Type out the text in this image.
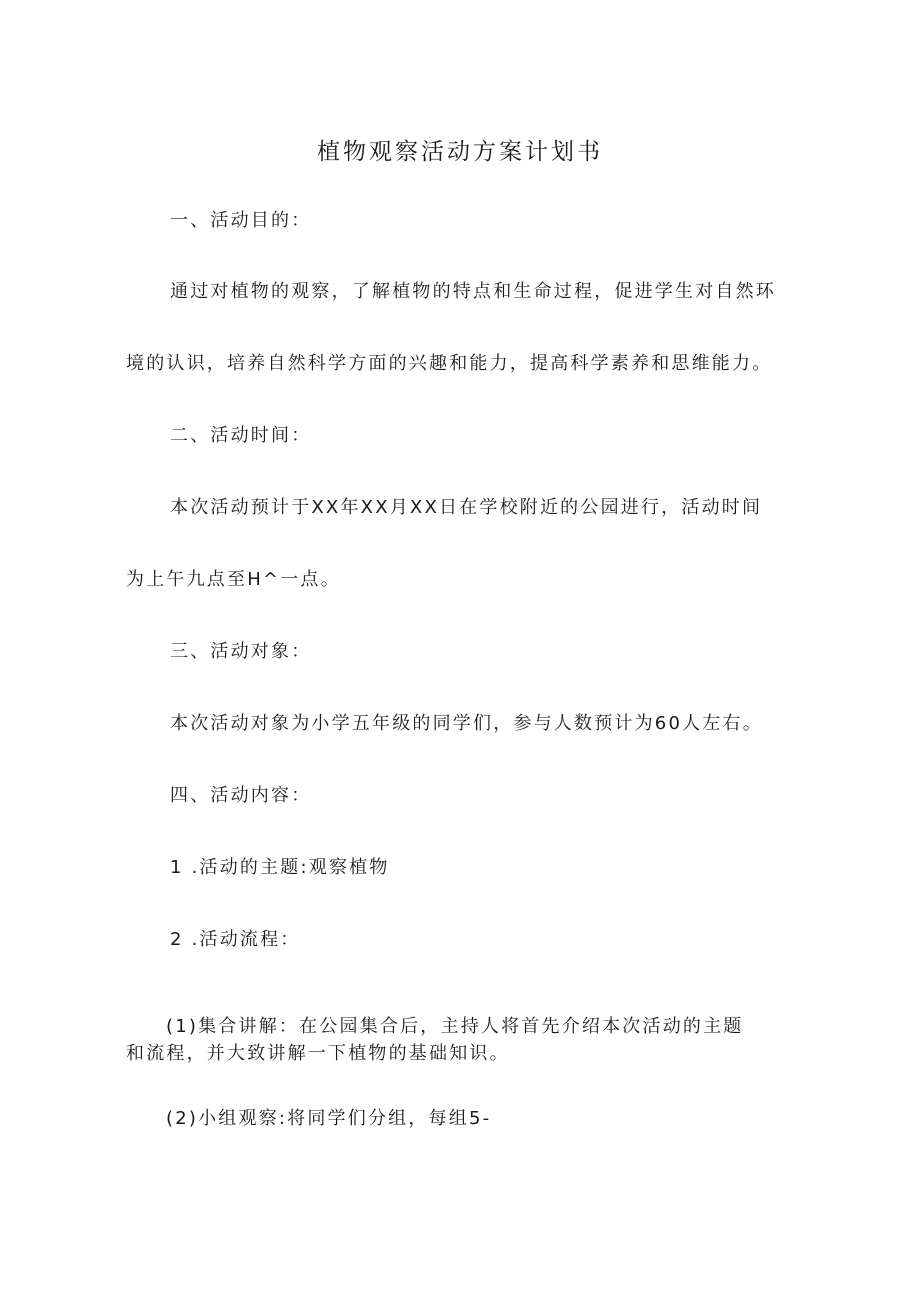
植物观察活动方案计划书
一、活动目的：
通过对植物的观察，了解植物的特点和生命过程，促进学生对自然环
境的认识，培养自然科学方面的兴趣和能力，提高科学素养和思维能力。
二、活动时间：
本次活动预计于XX年XX月XX日在学校附近的公园进行，活动时间
为上午九点至H^一点。
三、活动对象：
本次活动对象为小学五年级的同学们，参与人数预计为60人左右。
四、活动内容：
1 .活动的主题:观察植物
2 .活动流程：
(1)集合讲解：在公园集合后，主持人将首先介绍本次活动的主题
和流程，并大致讲解一下植物的基础知识。
(2)小组观察:将同学们分组，每组5-
